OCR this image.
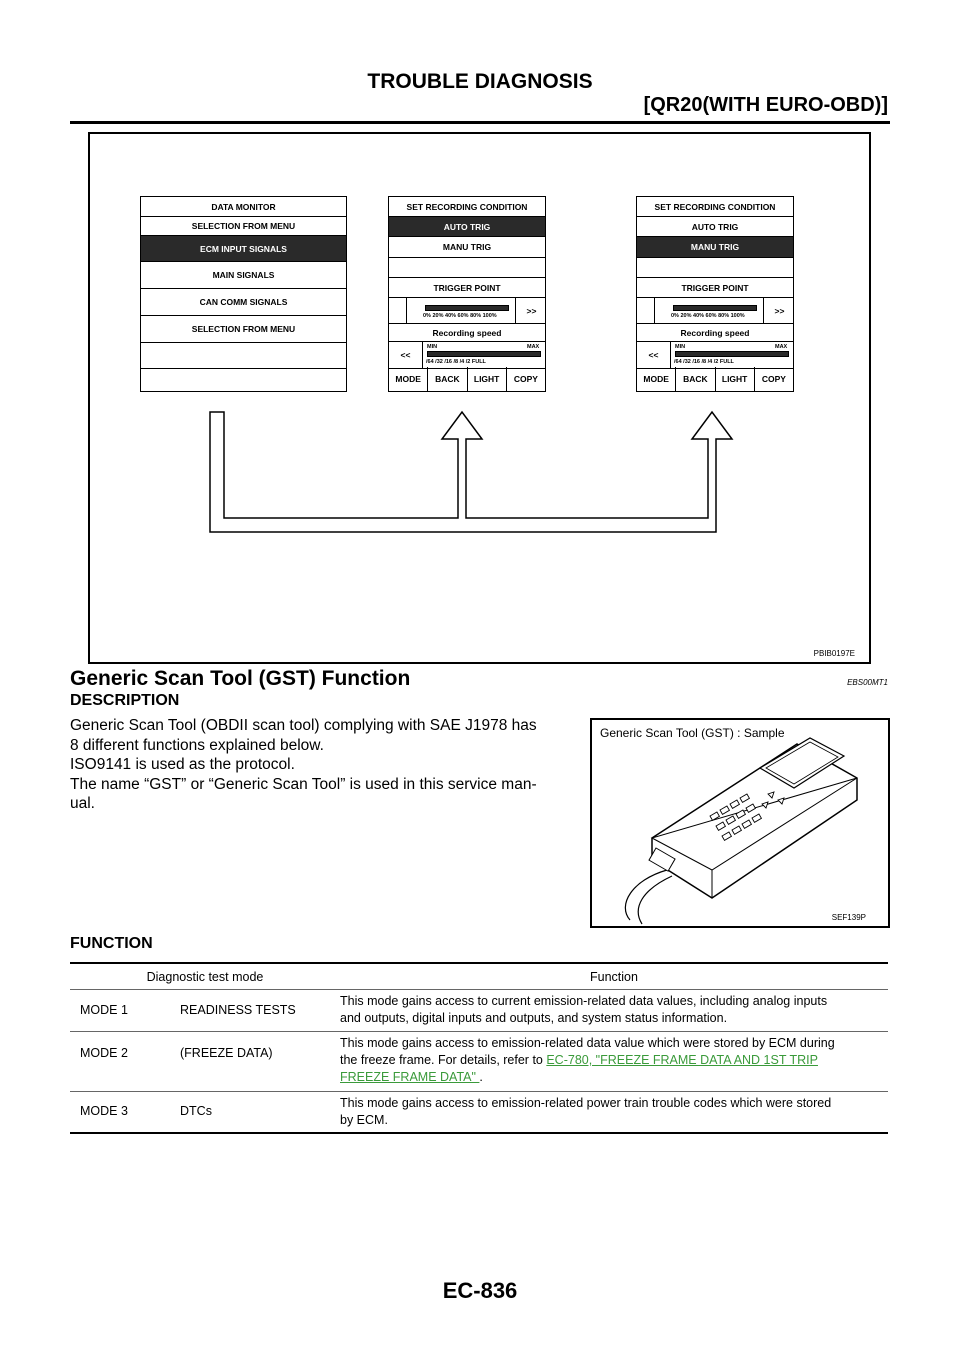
TROUBLE DIAGNOSIS
[QR20(WITH EURO-OBD)]
DATA MONITOR
SELECTION FROM MENU
ECM INPUT SIGNALS
MAIN SIGNALS
CAN COMM SIGNALS
SELECTION FROM MENU
SET RECORDING CONDITION
AUTO TRIG
MANU TRIG
TRIGGER POINT
0% 20% 40% 60% 80% 100%
>>
Recording speed
<<
MIN	MAX
/64 /32 /16 /8 /4 /2 FULL
MODE	BACK	LIGHT	COPY
SET RECORDING CONDITION
AUTO TRIG
MANU TRIG
TRIGGER POINT
0% 20% 40% 60% 80% 100%
>>
Recording speed
<<
MIN	MAX
/64 /32 /16 /8 /4 /2 FULL
MODE	BACK	LIGHT	COPY
PBIB0197E
Generic Scan Tool (GST) Function	EBS00MT1
DESCRIPTION

Generic Scan Tool (OBDII scan tool) complying with SAE J1978 has

8 different functions explained below.

ISO9141 is used as the protocol.

The name “GST” or “Generic Scan Tool” is used in this service man-

ual.

Generic Scan Tool (GST) : Sample
SEF139P
FUNCTION
Diagnostic test mode	Function
MODE 1	READINESS TESTS
This mode gains access to current emission-related data values, including analog inputs
and outputs, digital inputs and outputs, and system status information.
MODE 2	(FREEZE DATA)
This mode gains access to emission-related data value which were stored by ECM during
the freeze frame. For details, refer to EC-780, "FREEZE FRAME DATA AND 1ST TRIP
FREEZE FRAME DATA" .
MODE 3	DTCs
This mode gains access to emission-related power train trouble codes which were stored
by ECM.
EC-836
